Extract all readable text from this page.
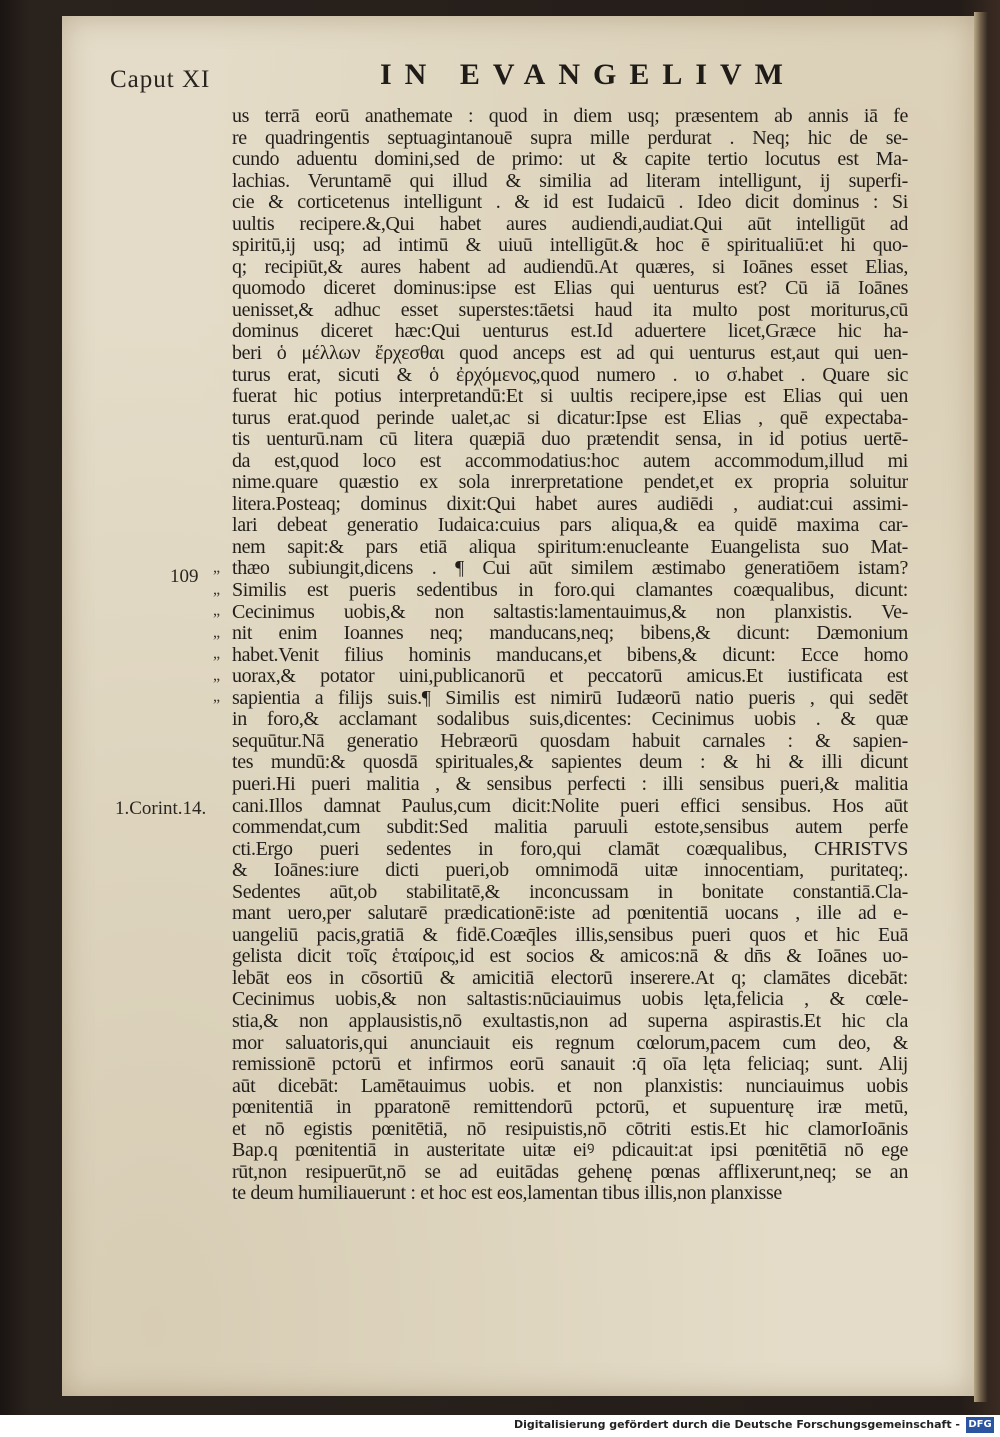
Caput XI	IN EVANGELIVM
109
1.Corint.14.
”
”
”
”
”
”
”
us terrā eorū anathemate : quod in diem usq; præsentem ab annis iā fe
re quadringentis septuagintanouē supra mille perdurat . Neq; hic de se-
cundo aduentu domini,sed de primo: ut & capite tertio locutus est Ma-
lachias. Veruntamē qui illud & similia ad literam intelligunt, ij superfi-
cie & corticetenus intelligunt . & id est Iudaicū . Ideo dicit dominus : Si
uultis recipere.&,Qui habet aures audiendi,audiat.Qui aūt intelligūt ad
spiritū,ij usq; ad intimū & uiuū intelligūt.& hoc ē spiritualiū:et hi quo-
q; recipiūt,& aures habent ad audiendū.At quæres, si Ioānes esset Elias,
quomodo diceret dominus:ipse est Elias qui uenturus est? Cū iā Ioānes
uenisset,& adhuc esset superstes:tāetsi haud ita multo post moriturus,cū
dominus diceret hæc:Qui uenturus est.Id aduertere licet,Græce hic ha-
beri ὁ μέλλων ἔρχεσθαι quod anceps est ad qui uenturus est,aut qui uen-
turus erat, sicuti & ὁ ἐρχόμενος,quod numero . ιο σ.habet . Quare sic
fuerat hic potius interpretandū:Et si uultis recipere,ipse est Elias qui uen
turus erat.quod perinde ualet,ac si dicatur:Ipse est Elias , quē expectaba-
tis uenturū.nam cū litera quæpiā duo prætendit sensa, in id potius uertē-
da est,quod loco est accommodatius:hoc autem accommodum,illud mi
nime.quare quæstio ex sola inrerpretatione pendet,et ex propria soluitur
litera.Posteaq; dominus dixit:Qui habet aures audiēdi , audiat:cui assimi-
lari debeat generatio Iudaica:cuius pars aliqua,& ea quidē maxima car-
nem sapit:& pars etiā aliqua spiritum:enucleante Euangelista suo Mat-
thæo subiungit,dicens . ¶ Cui aūt similem æstimabo generatiōem istam?
Similis est pueris sedentibus in foro.qui clamantes coæqualibus, dicunt:
Cecinimus uobis,& non saltastis:lamentauimus,& non planxistis. Ve-
nit enim Ioannes neq; manducans,neq; bibens,& dicunt: Dæmonium
habet.Venit filius hominis manducans,et bibens,& dicunt: Ecce homo
uorax,& potator uini,publicanorū et peccatorū amicus.Et iustificata est
sapientia a filijs suis.¶ Similis est nimirū Iudæorū natio pueris , qui sedēt
in foro,& acclamant sodalibus suis,dicentes: Cecinimus uobis . & quæ
sequūtur.Nā generatio Hebræorū quosdam habuit carnales : & sapien-
tes mundū:& quosdā spirituales,& sapientes deum : & hi & illi dicunt
pueri.Hi pueri malitia , & sensibus perfecti : illi sensibus pueri,& malitia
cani.Illos damnat Paulus,cum dicit:Nolite pueri effici sensibus. Hos aūt
commendat,cum subdit:Sed malitia paruuli estote,sensibus autem perfe
cti.Ergo pueri sedentes in foro,qui clamāt coæqualibus, CHRISTVS
& Ioānes:iure dicti pueri,ob omnimodā uitæ innocentiam, puritateq;.
Sedentes aūt,ob stabilitatē,& inconcussam in bonitate constantiā.Cla-
mant uero,per salutarē prædicationē:iste ad pœnitentiā uocans , ille ad e-
uangeliū pacis,gratiā & fidē.Coæq̄les illis,sensibus pueri quos et hic Euā
gelista dicit τοῖς ἑταίροις,id est socios & amicos:nā & dn̄s & Ioānes uo-
lebāt eos in cōsortiū & amicitiā electorū inserere.At q; clamātes dicebāt:
Cecinimus uobis,& non saltastis:nūciauimus uobis lęta,felicia , & cœle-
stia,& non applausistis,nō exultastis,non ad superna aspirastis.Et hic cla
mor saluatoris,qui anunciauit eis regnum cœlorum,pacem cum deo, &
remissionē pctorū et infirmos eorū sanauit :q̄ oīa lęta feliciaq; sunt. Alij
aūt dicebāt: Lamētauimus uobis. et non planxistis: nunciauimus uobis
pœnitentiā in pparatonē remittendorū pctorū, et supuenturę iræ metū,
et nō egistis pœnitētiā, nō resipuistis,nō cōtriti estis.Et hic clamorIoānis
Bap.q pœnitentiā in austeritate uitæ eiꝰ pdicauit:at ipsi pœnitētiā nō ege
rūt,non resipuerūt,nō se ad euitādas gehenę pœnas afflixerunt,neq; se an
te deum humiliauerunt : et hoc est eos,lamentan tibus illis,non planxisse
Digitalisierung gefördert durch die Deutsche Forschungsgemeinschaft - DFG
